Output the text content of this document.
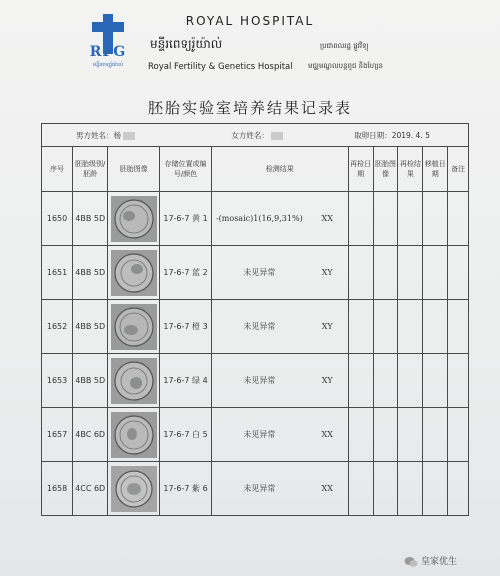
RFG
មន្ទីរពេទ្យរ៉ូយ៉ាល់
ROYAL HOSPITAL
មន្ទីរពេទ្យរ៉ូយ៉ាល់	ប្រជាពលរដ្ឋ ផ្លូវវិទ្យុ
Royal Fertility & Genetics Hospital មជ្ឈមណ្ឌលបន្តពូជ និងហ្សែន
胚胎实验室培养结果记录表
男方姓名：杨				女方姓名：		取卵日期：2019. 4. 5				
序号	胚胎级别/胚龄	胚胎图像	存储位置或编号/颜色	检测结果		再检日期	胚胎图像	再检结果	移植日期	备注
1650	4BB 5D		17-6-7 黄 1	-(mosaic)1(16,9,31%)	XX					
1651	4BB 5D		17-6-7 蓝 2	未见异常	XY					
1652	4BB 5D		17-6-7 橙 3	未见异常	XY					
1653	4BB 5D		17-6-7 绿 4	未见异常	XY					
1657	4BC 6D		17-6-7 白 5	未见异常	XX					
1658	4CC 6D		17-6-7 紫 6	未见异常	XX					
皇家优生
